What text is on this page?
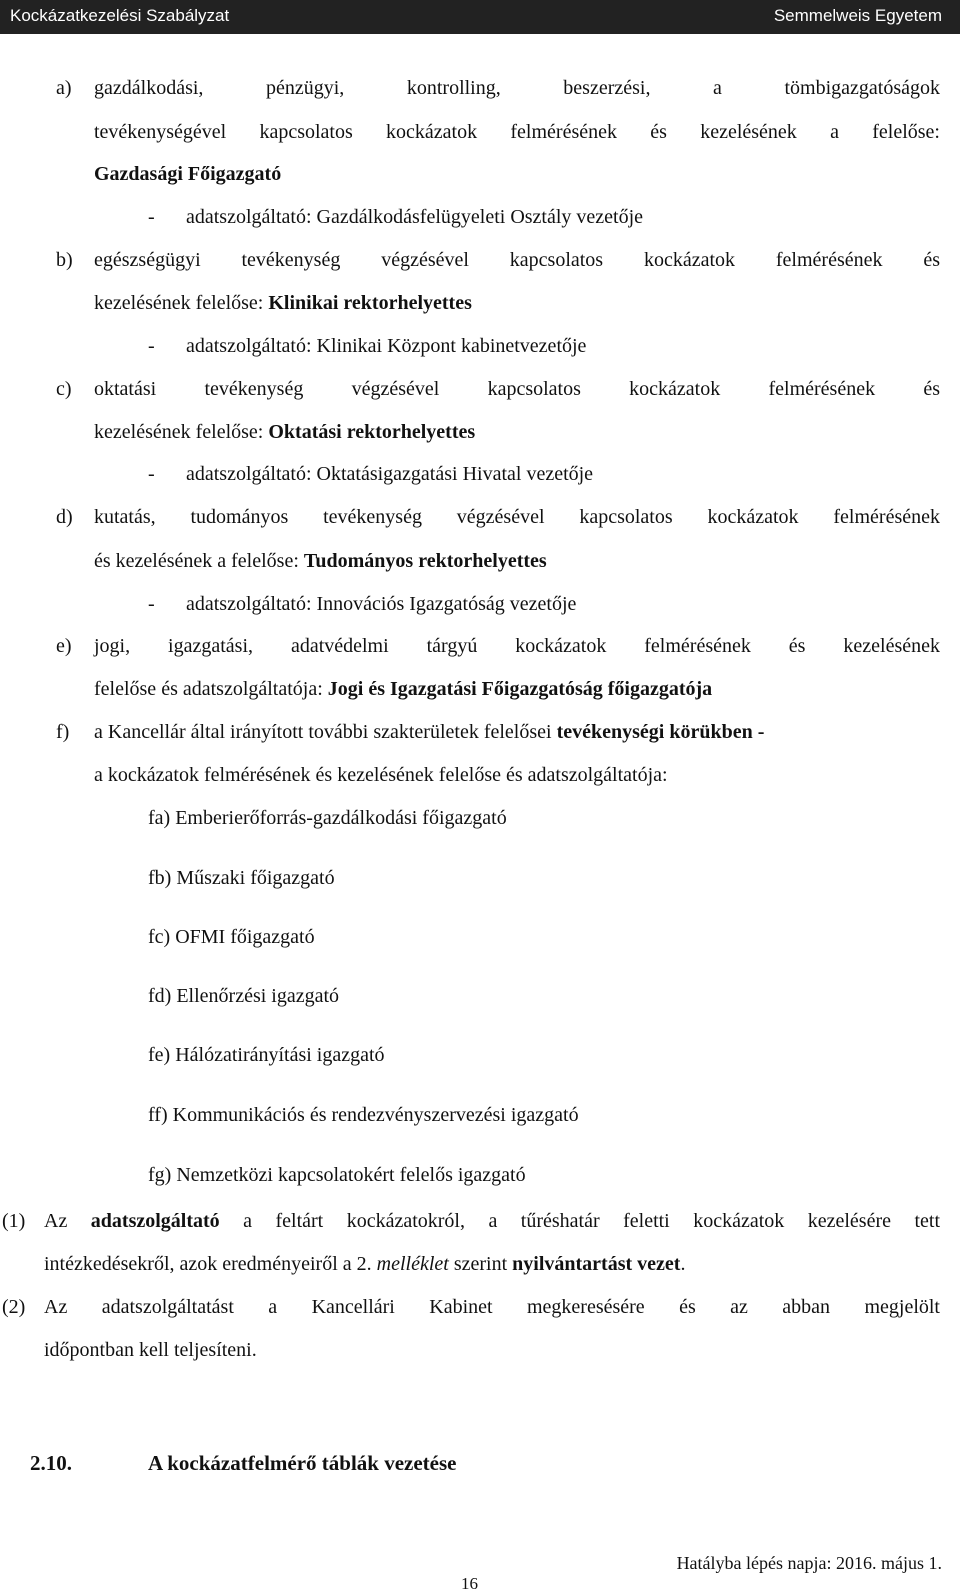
Kockázatkezelési Szabályzat	Semmelweis Egyetem
a) gazdálkodási, pénzügyi, kontrolling, beszerzési, a tömbigazgatóságok
tevékenységével kapcsolatos kockázatok felmérésének és kezelésének a felelőse:
Gazdasági Főigazgató
- adatszolgáltató: Gazdálkodásfelügyeleti Osztály vezetője
b) egészségügyi tevékenység végzésével kapcsolatos kockázatok felmérésének és
kezelésének felelőse: Klinikai rektorhelyettes
- adatszolgáltató: Klinikai Központ kabinetvezetője
c) oktatási tevékenység végzésével kapcsolatos kockázatok felmérésének és
kezelésének felelőse: Oktatási rektorhelyettes
- adatszolgáltató: Oktatásigazgatási Hivatal vezetője
d) kutatás, tudományos tevékenység végzésével kapcsolatos kockázatok felmérésének
és kezelésének a felelőse: Tudományos rektorhelyettes
- adatszolgáltató: Innovációs Igazgatóság vezetője
e) jogi, igazgatási, adatvédelmi tárgyú kockázatok felmérésének és kezelésének
felelőse és adatszolgáltatója: Jogi és Igazgatási Főigazgatóság főigazgatója
f) a Kancellár által irányított további szakterületek felelősei tevékenységi körükben -
a kockázatok felmérésének és kezelésének felelőse és adatszolgáltatója:
fa) Emberierőforrás-gazdálkodási főigazgató
fb) Műszaki főigazgató
fc) OFMI főigazgató
fd) Ellenőrzési igazgató
fe) Hálózatirányítási igazgató
ff) Kommunikációs és rendezvényszervezési igazgató
fg) Nemzetközi kapcsolatokért felelős igazgató
(1) Az adatszolgáltató a feltárt kockázatokról, a tűréshatár feletti kockázatok kezelésére tett
intézkedésekről, azok eredményeiről a 2. melléklet szerint nyilvántartást vezet.
(2) Az adatszolgáltatást a Kancellári Kabinet megkeresésére és az abban megjelölt
időpontban kell teljesíteni.
2.10.	A kockázatfelmérő táblák vezetése
Hatályba lépés napja: 2016. május 1.
16
